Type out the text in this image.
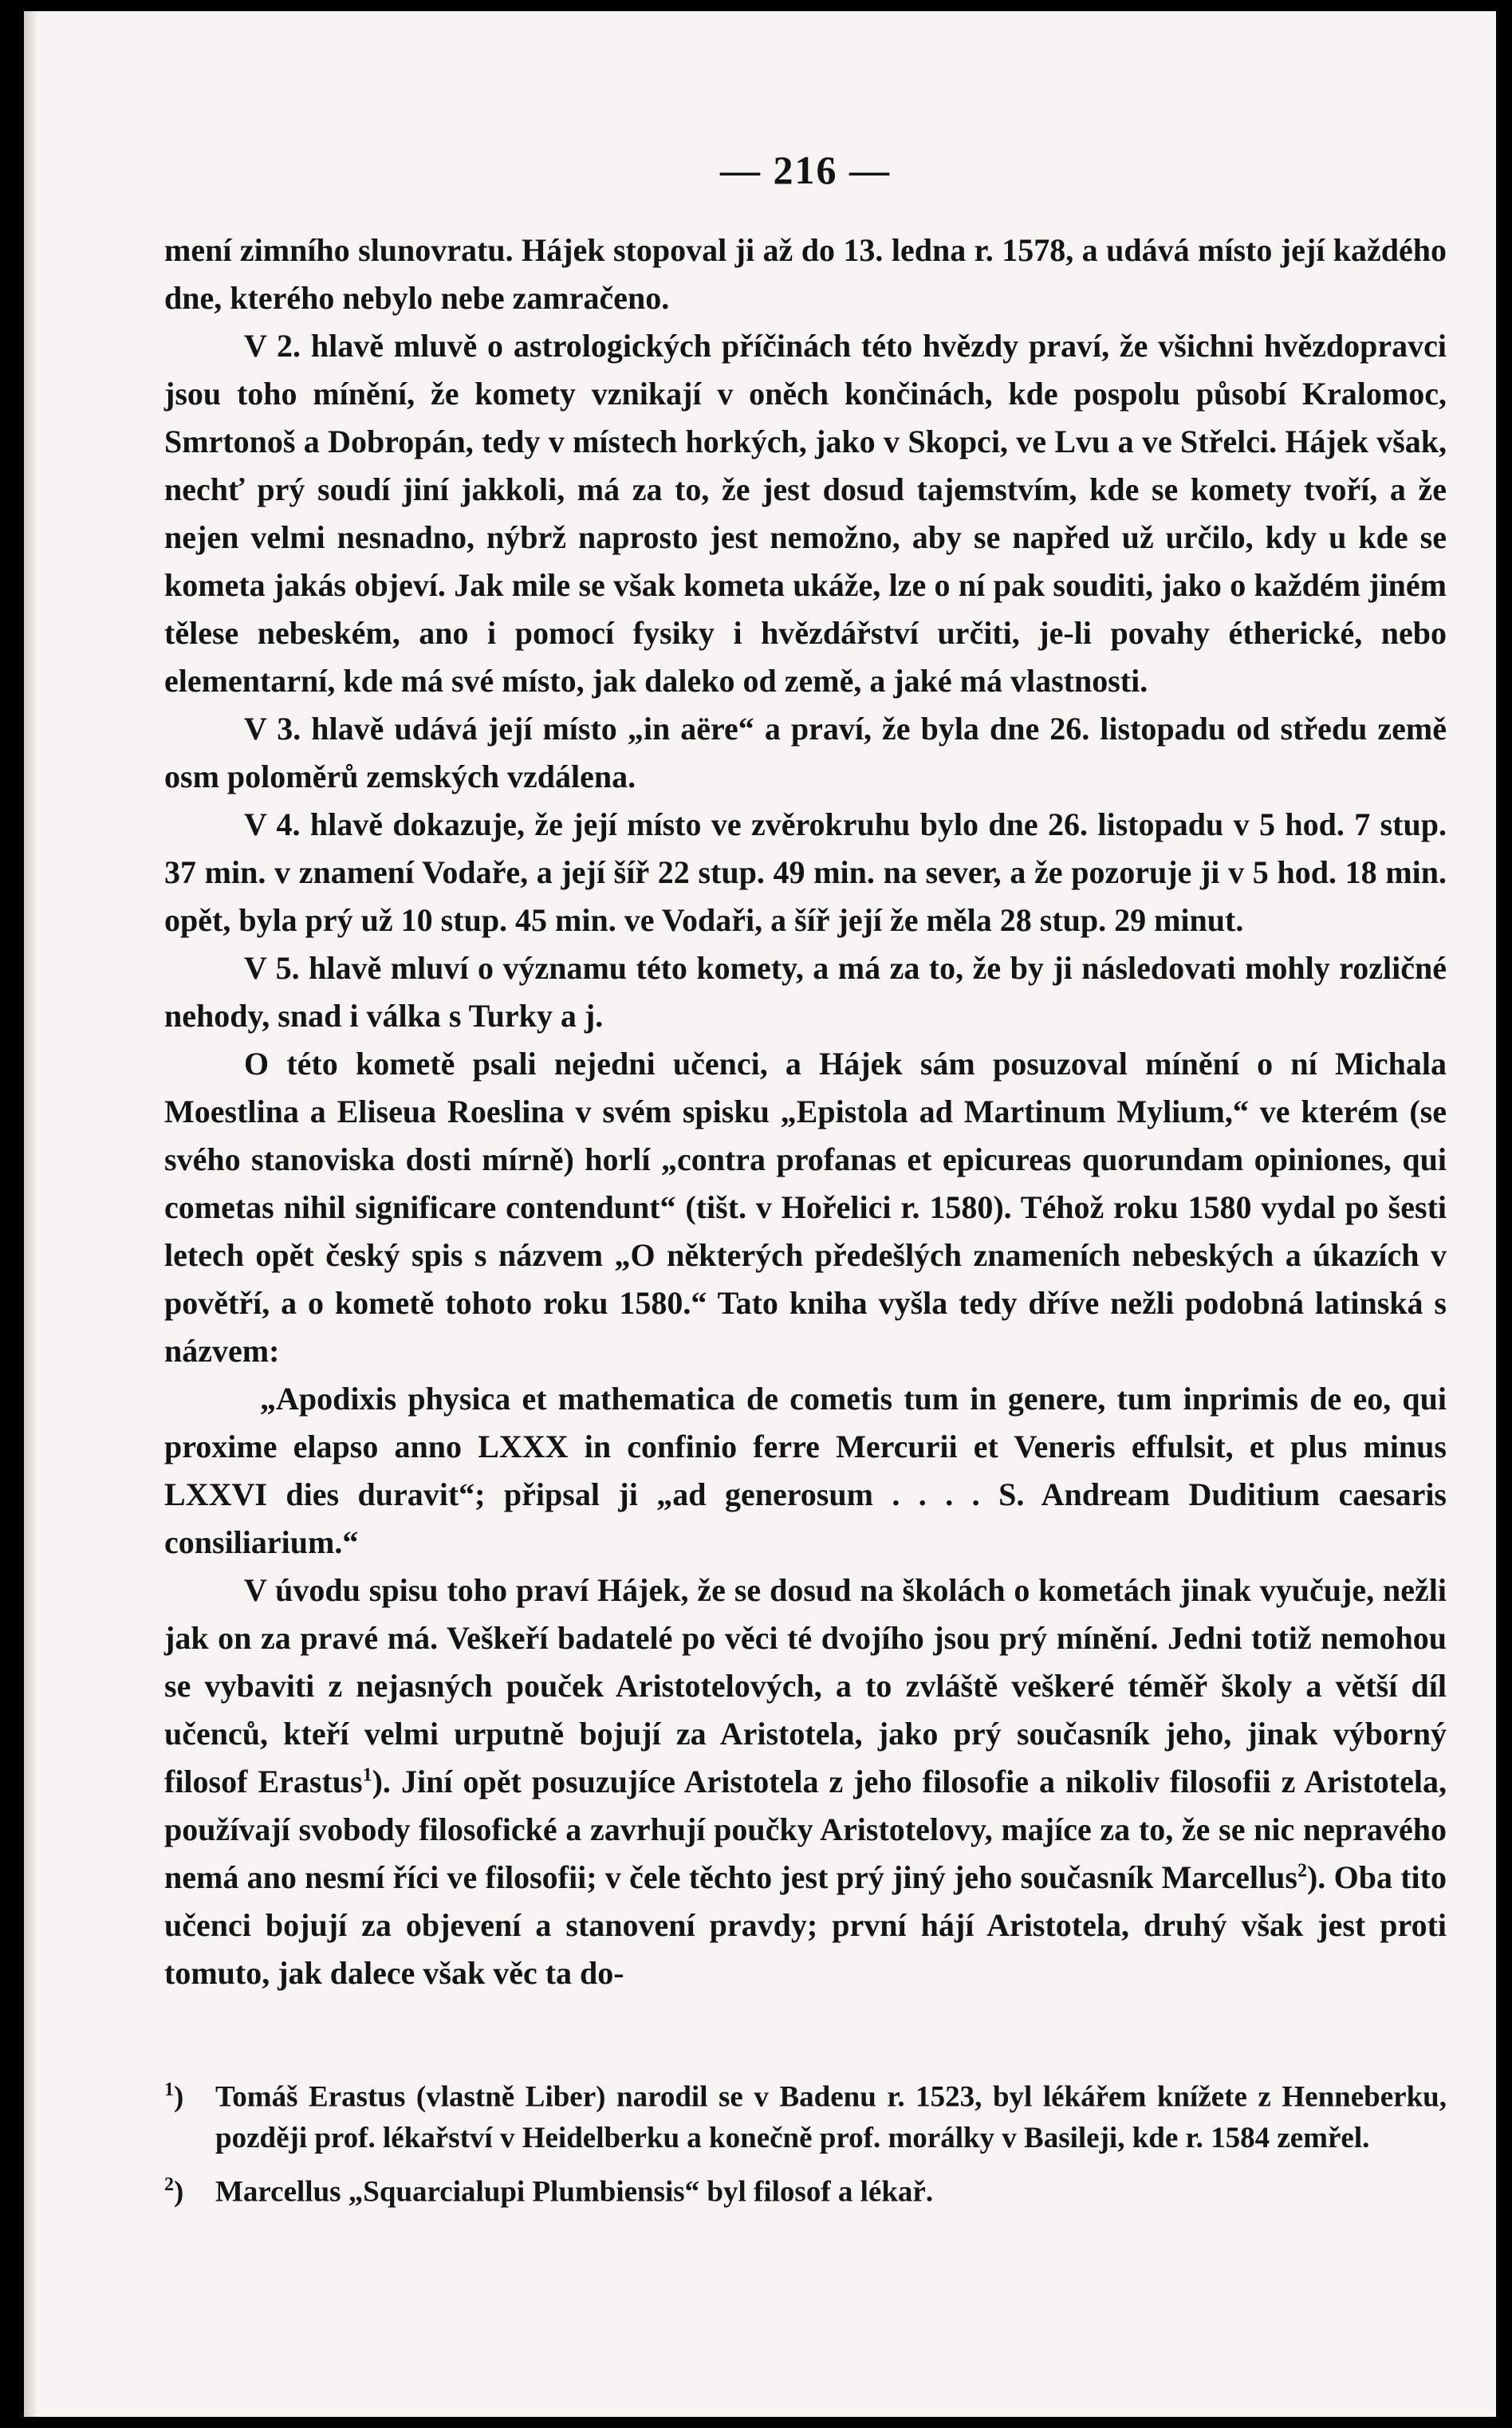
— 216 —

mení zimního slunovratu. Hájek stopoval ji až do 13. ledna r. 1578, a udává místo její každého dne, kterého nebylo nebe zamračeno.

V 2. hlavě mluvě o astrologických příčinách této hvězdy praví, že všichni hvězdopravci jsou toho mínění, že komety vznikají v oněch končinách, kde pospolu působí Kralomoc, Smrtonoš a Dobropán, tedy v místech horkých, jako v Skopci, ve Lvu a ve Střelci. Hájek však, nechť prý soudí jiní jakkoli, má za to, že jest dosud tajemstvím, kde se komety tvoří, a že nejen velmi nesnadno, nýbrž naprosto jest nemožno, aby se napřed už určilo, kdy u kde se kometa jakás objeví. Jak mile se však kometa ukáže, lze o ní pak souditi, jako o každém jiném tělese nebeském, ano i pomocí fysiky i hvězdářství určiti, je-li povahy étherické, nebo elementarní, kde má své místo, jak daleko od země, a jaké má vlastnosti.

V 3. hlavě udává její místo „in aëre“ a praví, že byla dne 26. listopadu od středu země osm poloměrů zemských vzdálena.

V 4. hlavě dokazuje, že její místo ve zvěrokruhu bylo dne 26. listopadu v 5 hod. 7 stup. 37 min. v znamení Vodaře, a její šíř 22 stup. 49 min. na sever, a že pozoruje ji v 5 hod. 18 min. opět, byla prý už 10 stup. 45 min. ve Vodaři, a šíř její že měla 28 stup. 29 minut.

V 5. hlavě mluví o významu této komety, a má za to, že by ji následovati mohly rozličné nehody, snad i válka s Turky a j.

O této kometě psali nejedni učenci, a Hájek sám posuzoval mínění o ní Michala Moestlina a Eliseua Roeslina v svém spisku „Epistola ad Martinum Mylium,“ ve kterém (se svého stanoviska dosti mírně) horlí „contra profanas et epicureas quorundam opiniones, qui cometas nihil significare contendunt“ (tišt. v Hořelici r. 1580). Téhož roku 1580 vydal po šesti letech opět český spis s názvem „O některých předešlých znameních nebeských a úkazích v povětří, a o kometě tohoto roku 1580.“ Tato kniha vyšla tedy dříve nežli podobná latinská s názvem:

„Apodixis physica et mathematica de cometis tum in genere, tum inprimis de eo, qui proxime elapso anno LXXX in confinio ferre Mercurii et Veneris effulsit, et plus minus LXXVI dies duravit“; připsal ji „ad generosum . . . . S. Andream Duditium caesaris consiliarium.“

V úvodu spisu toho praví Hájek, že se dosud na školách o kometách jinak vyučuje, nežli jak on za pravé má. Veškeří badatelé po věci té dvojího jsou prý mínění. Jedni totiž nemohou se vybaviti z nejasných pouček Aristotelových, a to zvláště veškeré téměř školy a větší díl učenců, kteří velmi urputně bojují za Aristotela, jako prý současník jeho, jinak výborný filosof Erastus$^1$). Jiní opět posuzujíce Aristotela z jeho filosofie a nikoliv filosofii z Aristotela, používají svobody filosofické a zavrhují poučky Aristotelovy, majíce za to, že se nic nepravého nemá ano nesmí říci ve filosofii; v čele těchto jest prý jiný jeho současník Marcellus$^2$). Oba tito učenci bojují za objevení a stanovení pravdy; první hájí Aristotela, druhý však jest proti tomuto, jak dalece však věc ta do-

$^1$) Tomáš Erastus (vlastně Liber) narodil se v Badenu r. 1523, byl lékářem knížete z Henneberku, později prof. lékařství v Heidelberku a konečně prof. morálky v Basileji, kde r. 1584 zemřel.

$^2$) Marcellus „Squarcialupi Plumbiensis“ byl filosof a lékař.
